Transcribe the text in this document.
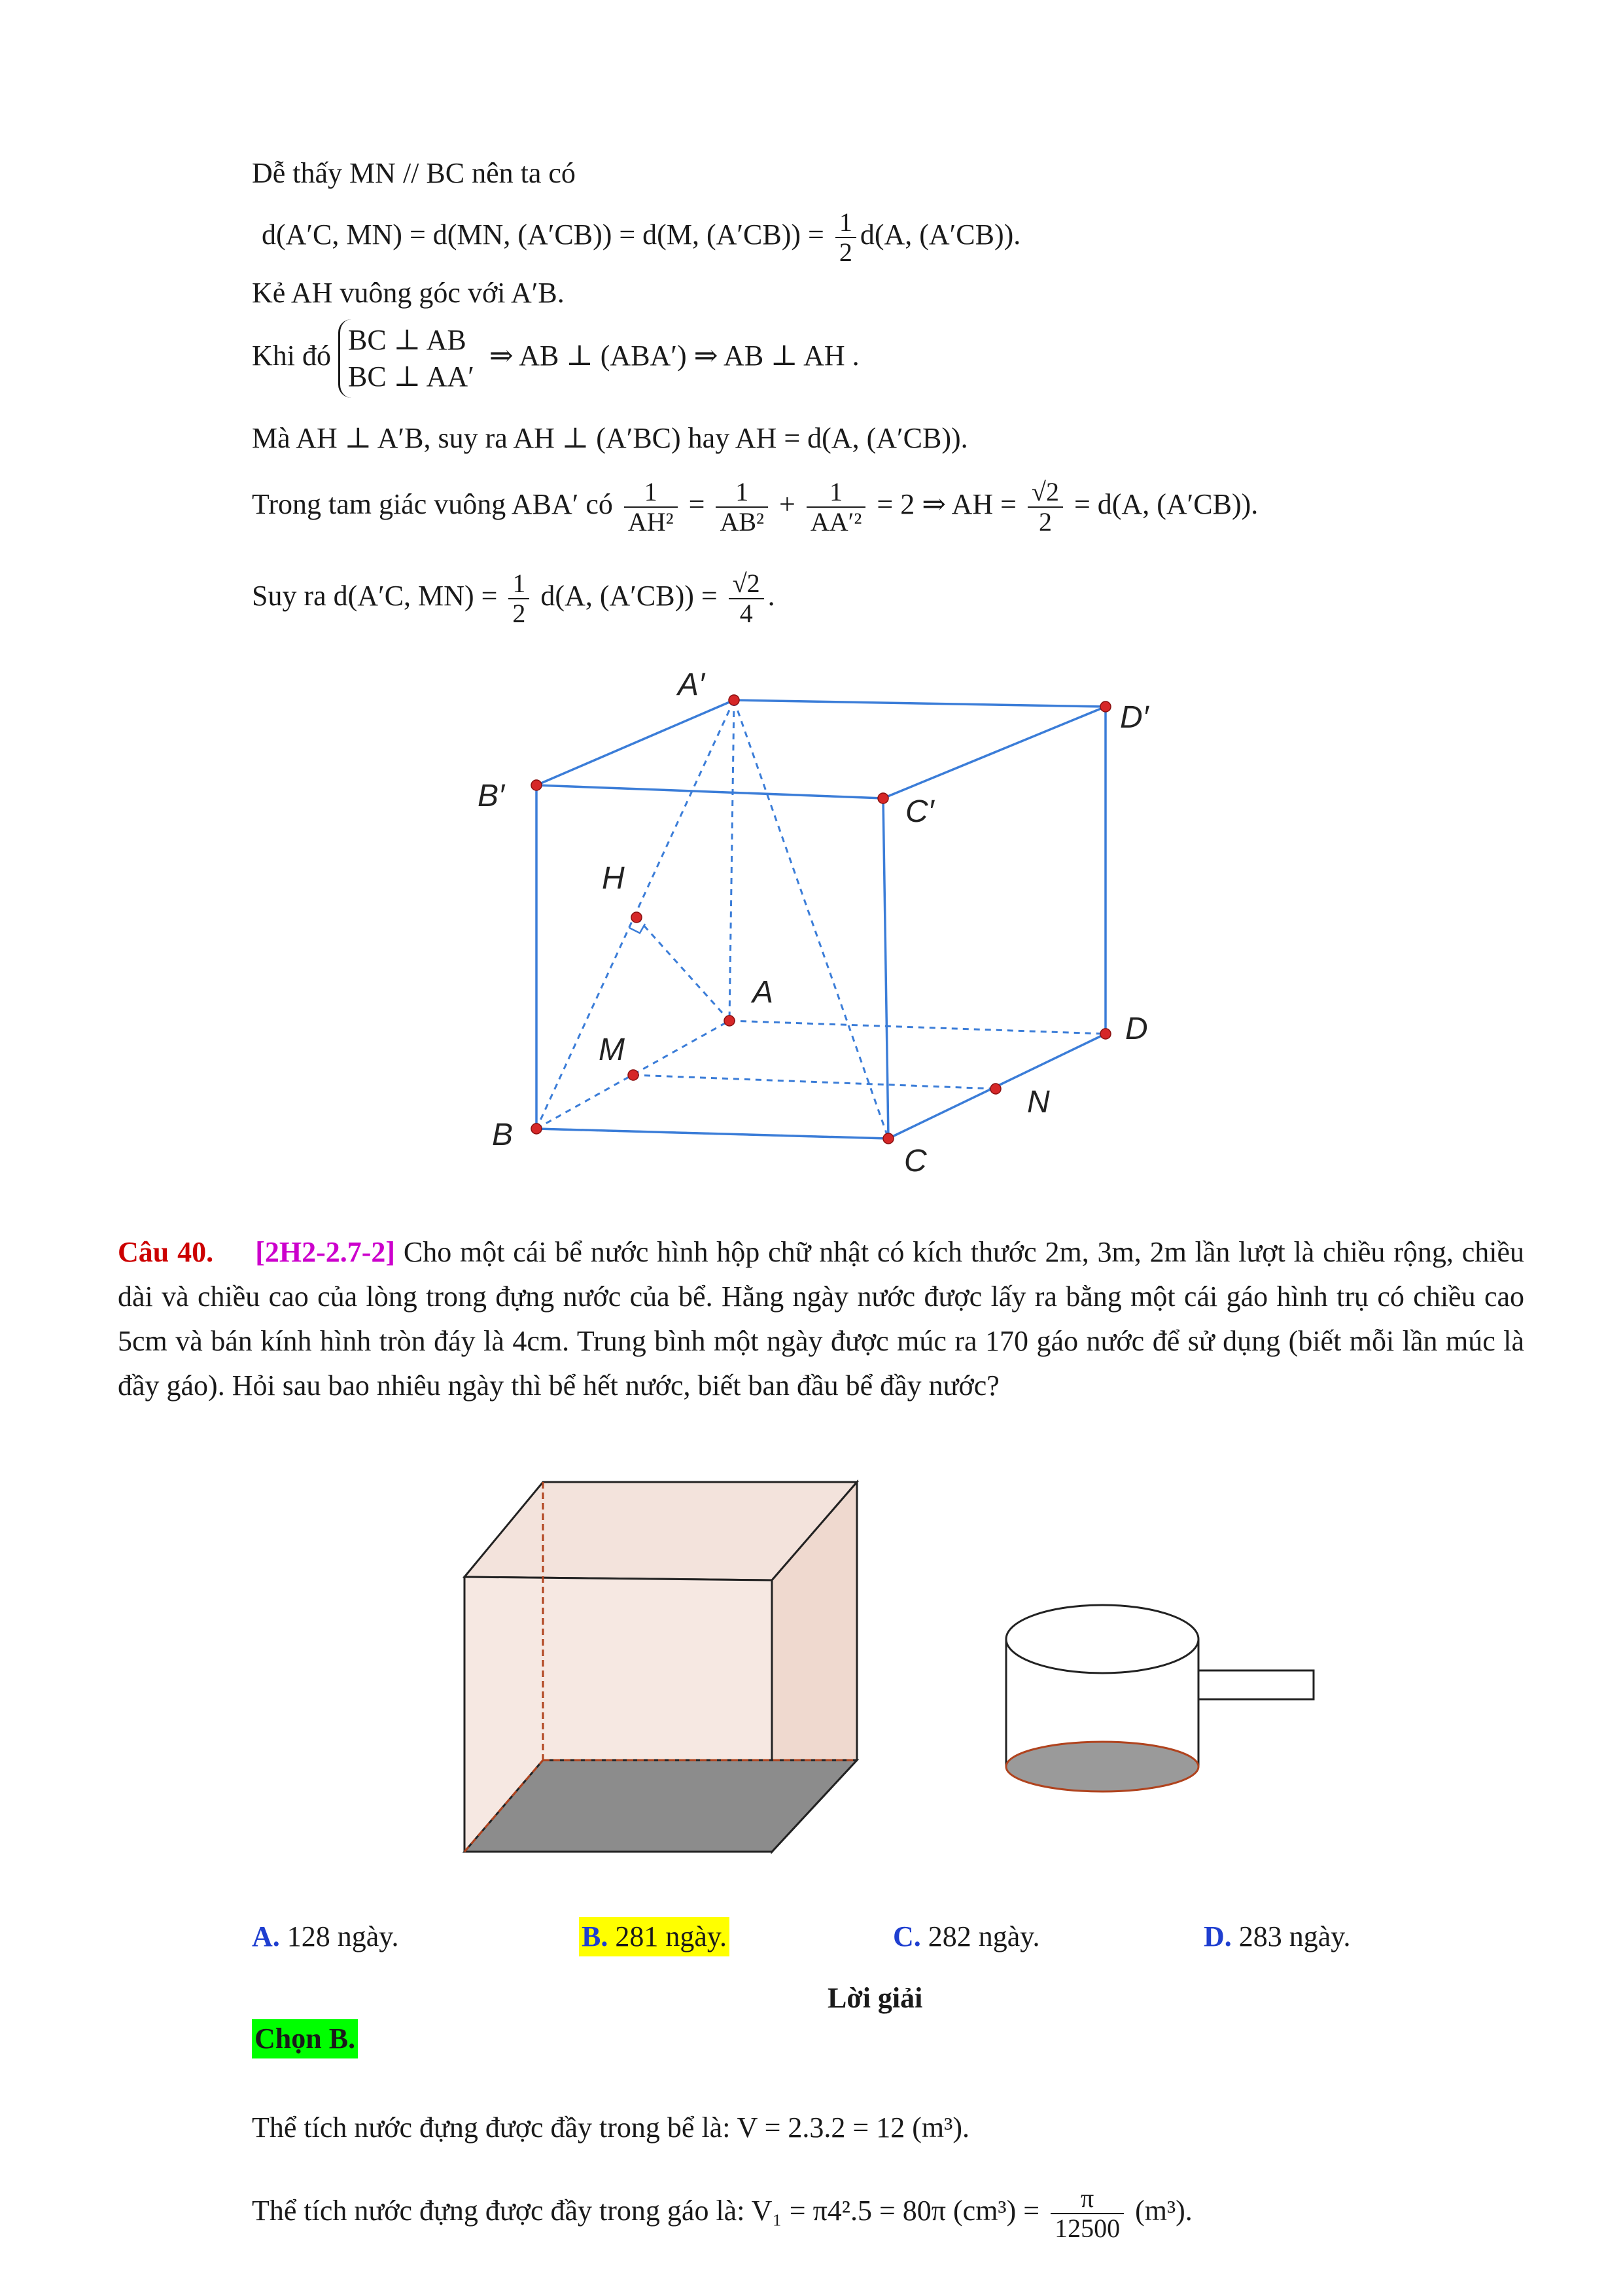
Dễ thấy MN // BC nên ta có
d(A′C, MN) = d(MN, (A′CB)) = d(M, $(A'CB)) = \frac{1}{2} d(A$, (A′CB)).
Kẻ AH vuông góc với A′B.
Khi đó BC ⊥ AB
BC ⊥ AA′
⇒ AB ⊥ (ABA′) ⇒ AB ⊥ AH .
Mà AH ⊥ A′B, suy ra AH ⊥ (A′BC) hay AH = d(A, (A′CB)).
Trong tam giác vuông ABA′ có $\frac{1}{\text{AH²}} = \frac{1}{\text{AB²}} + \frac{1}{\text{AA′²}} = 2$ ⇒ AH = $\frac{√2}{2} = d(A$, (A′CB)).
Suy ra d(A′C, $MN) = \frac{1}{2} d(A$, $(A'CB)) = \frac{√2}{4}$ .
A′
D′
B′	C′
H
A
D
M
N
B
C
Câu 40. [2H2-2.7-2] Cho một cái bể nước hình hộp chữ nhật có kích thước 2m, 3m, 2m lần lượt là chiều rộng, chiều dài và chiều cao của lòng trong đựng nước của bể. Hằng ngày nước được lấy ra bằng một cái gáo hình trụ có chiều cao 5cm và bán kính hình tròn đáy là 4cm. Trung bình một ngày được múc ra 170 gáo nước để sử dụng (biết mỗi lần múc là đầy gáo). Hỏi sau bao nhiêu ngày thì bể hết nước, biết ban đầu bể đầy nước?
A. 128 ngày.	B. 281 ngày.	C. 282 ngày.	D. 283 ngày.
Lời giải
Chọn B.
Thể tích nước đựng được đầy trong bể là: V = 2.3.2 = 12 (m³).
Thể tích nước đựng được đầy trong gáo là: V₁ = π4².5 = 80π $(cm^3) = \frac{\pi}{12500} (m^3)$.
